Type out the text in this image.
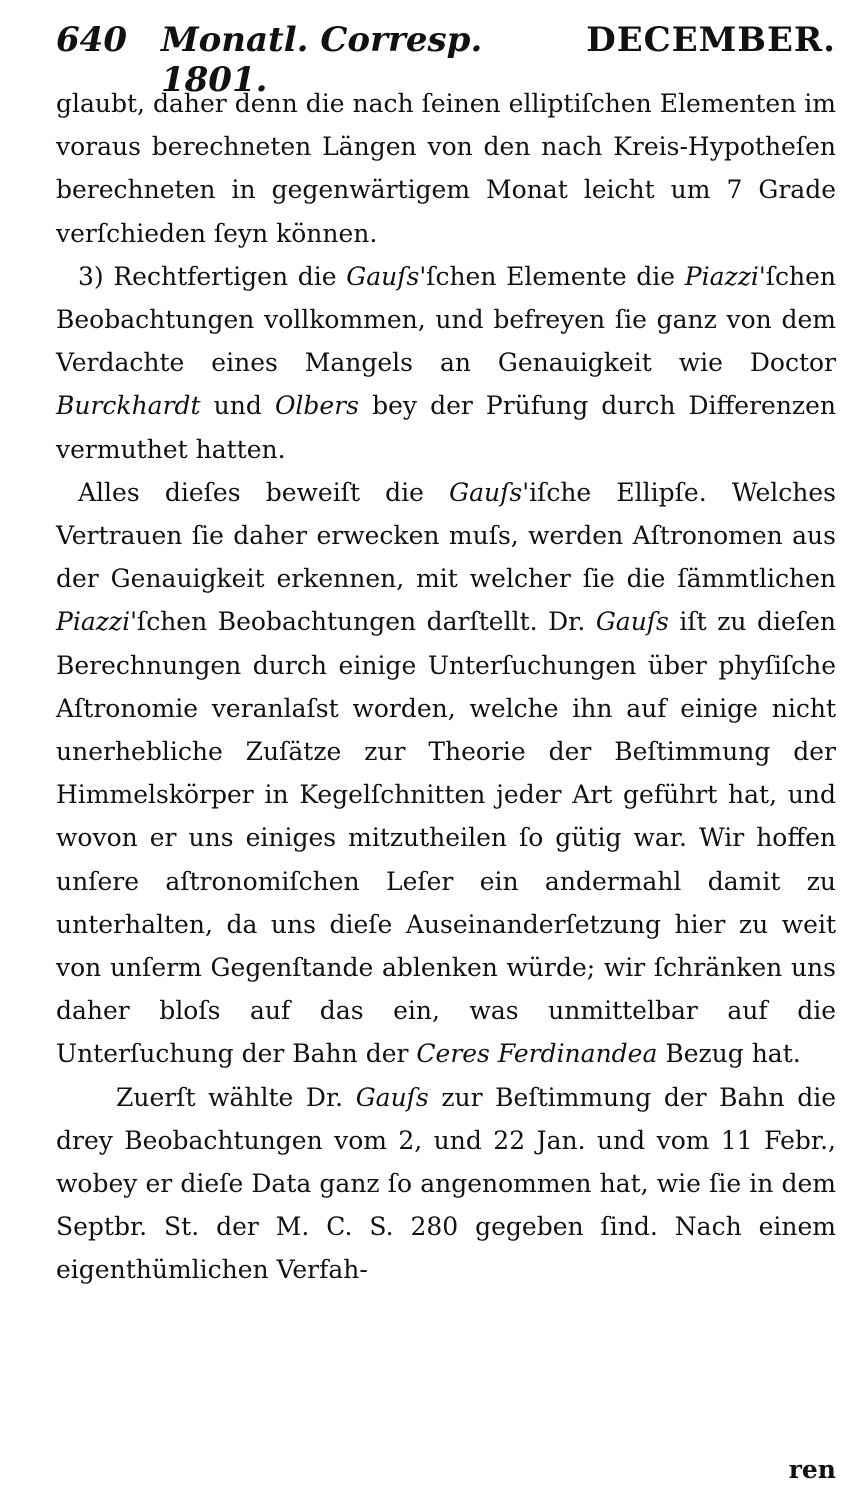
640 Monatl. Corresp. 1801.
DECEMBER.

glaubt, daher denn die nach ſeinen elliptiſchen Elementen im voraus berechneten Längen von den nach Kreis-Hypotheſen berechneten in gegenwärtigem Monat leicht um 7 Grade verſchieden ſeyn können.

3) Rechtfertigen die Gauſs'ſchen Elemente die Piazzi'ſchen Beobachtungen vollkommen, und befreyen ſie ganz von dem Verdachte eines Mangels an Genauigkeit wie Doctor Burckhardt und Olbers bey der Prüfung durch Differenzen vermuthet hatten.

Alles dieſes beweiſt die Gauſs'iſche Ellipſe. Welches Vertrauen ſie daher erwecken muſs, werden Aſtronomen aus der Genauigkeit erkennen, mit welcher ſie die ſämmtlichen Piazzi'ſchen Beobachtungen darſtellt. Dr. Gauſs iſt zu dieſen Berechnungen durch einige Unterſuchungen über phyſiſche Aſtronomie veranlaſst worden, welche ihn auf einige nicht unerhebliche Zuſätze zur Theorie der Beſtimmung der Himmelskörper in Kegelſchnitten jeder Art geführt hat, und wovon er uns einiges mitzutheilen ſo gütig war. Wir hoffen unſere aſtronomiſchen Leſer ein andermahl damit zu unterhalten, da uns dieſe Auseinanderſetzung hier zu weit von unſerm Gegenſtande ablenken würde; wir ſchränken uns daher bloſs auf das ein, was unmittelbar auf die Unterſuchung der Bahn der Ceres Ferdinandea Bezug hat.

Zuerſt wählte Dr. Gauſs zur Beſtimmung der Bahn die drey Beobachtungen vom 2, und 22 Jan. und vom 11 Febr., wobey er dieſe Data ganz ſo angenommen hat, wie ſie in dem Septbr. St. der M. C. S. 280 gegeben ſind. Nach einem eigenthümlichen Verfah-

ren
